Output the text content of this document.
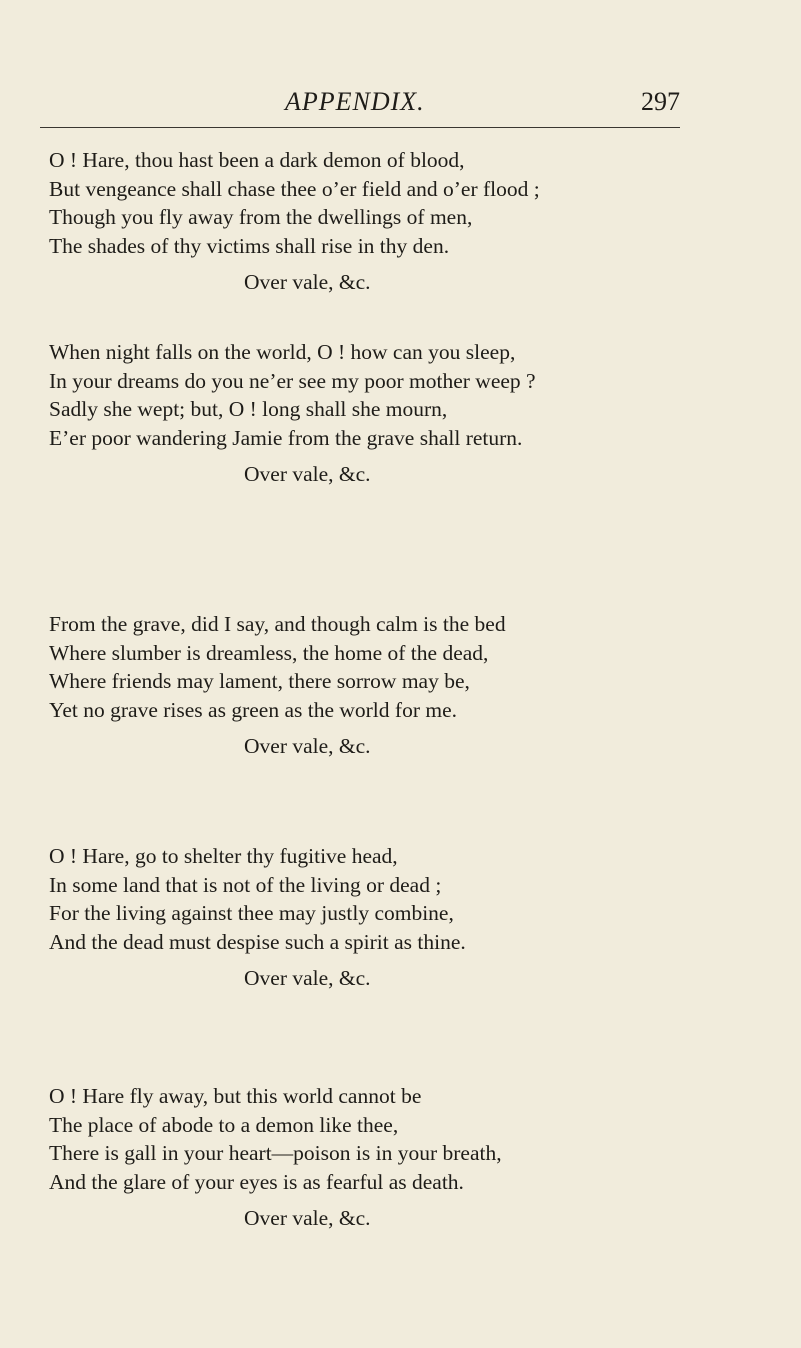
APPENDIX.	297
O ! Hare, thou hast been a dark demon of blood,
But vengeance shall chase thee o’er field and o’er flood ;
Though you fly away from the dwellings of men,
The shades of thy victims shall rise in thy den.
Over vale, &c.
When night falls on the world, O ! how can you sleep,
In your dreams do you ne’er see my poor mother weep ?
Sadly she wept; but, O ! long shall she mourn,
E’er poor wandering Jamie from the grave shall return.
Over vale, &c.
From the grave, did I say, and though calm is the bed
Where slumber is dreamless, the home of the dead,
Where friends may lament, there sorrow may be,
Yet no grave rises as green as the world for me.
Over vale, &c.
O ! Hare, go to shelter thy fugitive head,
In some land that is not of the living or dead ;
For the living against thee may justly combine,
And the dead must despise such a spirit as thine.
Over vale, &c.
O ! Hare fly away, but this world cannot be
The place of abode to a demon like thee,
There is gall in your heart—poison is in your breath,
And the glare of your eyes is as fearful as death.
Over vale, &c.
